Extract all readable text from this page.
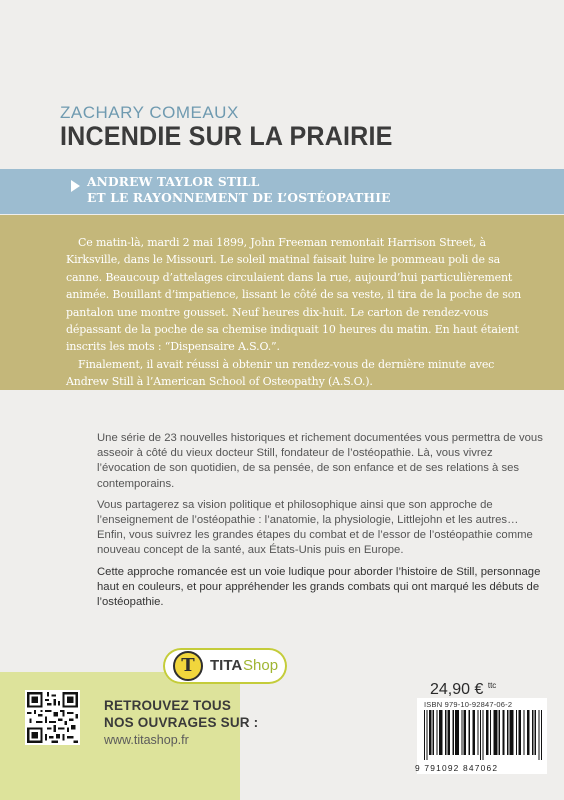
ZACHARY COMEAUX
INCENDIE SUR LA PRAIRIE
ANDREW TAYLOR STILL
ET LE RAYONNEMENT DE L’OSTÉOPATHIE

Ce matin-là, mardi 2 mai 1899, John Freeman remontait Harrison Street, à Kirksville, dans le Missouri. Le soleil matinal faisait luire le pommeau poli de sa canne. Beaucoup d’attelages circulaient dans la rue, aujourd’hui particulièrement animée. Bouillant d’impatience, lissant le côté de sa veste, il tira de la poche de son pantalon une montre gousset. Neuf heures dix-huit. Le carton de rendez-vous dépassant de la poche de sa chemise indiquait 10 heures du matin. En haut étaient inscrits les mots : “Dispensaire A.S.O.”.

Finalement, il avait réussi à obtenir un rendez-vous de dernière minute avec Andrew Still à l’American School of Osteopathy (A.S.O.).

Une série de 23 nouvelles historiques et richement documentées vous permettra de vous asseoir à côté du vieux docteur Still, fondateur de l’ostéopathie. Là, vous vivrez l’évocation de son quotidien, de sa pensée, de son enfance et de ses relations à ses contemporains.

Vous partagerez sa vision politique et philosophique ainsi que son approche de l’enseignement de l’ostéopathie : l’anatomie, la physiologie, Littlejohn et les autres… Enfin, vous suivrez les grandes étapes du combat et de l’essor de l’ostéopathie comme nouveau concept de la santé, aux États-Unis puis en Europe.

Cette approche romancée est un voie ludique pour aborder l’histoire de Still, personnage haut en couleurs, et pour appréhender les grands combats qui ont marqué les débuts de l’ostéopathie.

RETROUVEZ TOUS
NOS OUVRAGES SUR :
www.titashop.fr
T	TITA Shop
24,90 € $^{ttc}$
ISBN 979-10-92847-06-2
9 791092 847062
